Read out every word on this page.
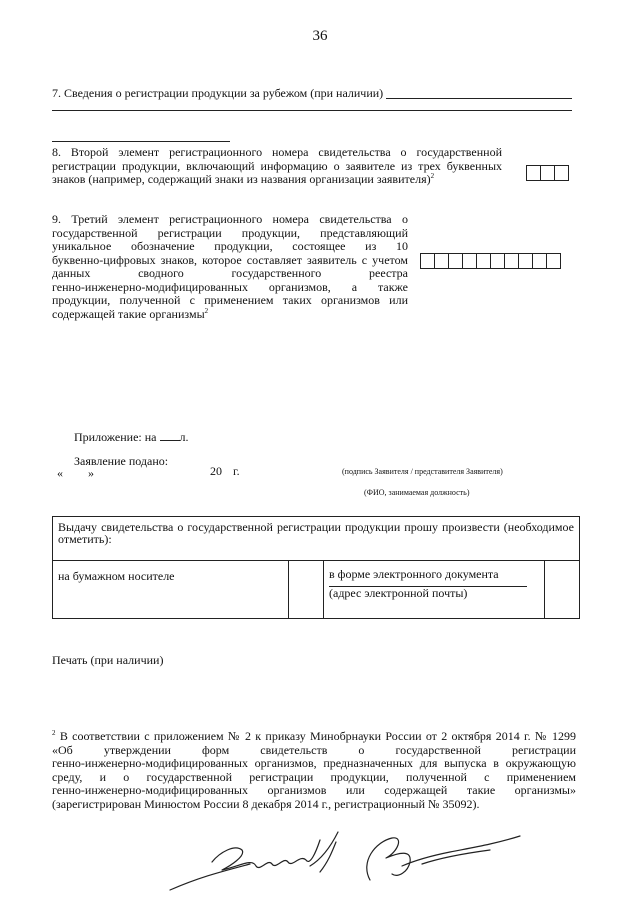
36
7. Сведения о регистрации продукции за рубежом (при наличии)
8. Второй элемент регистрационного номера свидетельства о государственной
регистрации продукции, включающий информацию о заявителе из трех буквенных
знаков (например, содержащий знаки из названия организации заявителя)$^2$
9. Третий элемент регистрационного номера свидетельства о
государственной регистрации продукции, представляющий
уникальное обозначение продукции, состоящее из 10
буквенно-цифровых знаков, которое составляет заявитель с учетом
данных сводного государственного реестра
генно-инженерно-модифицированных организмов, а также
продукции, полученной с применением таких организмов или
содержащей такие организмы$^2$
Приложение: на л.
Заявление подано:
« »	20 г.	(подпись Заявителя / представителя Заявителя)
(ФИО, занимаемая должность)
Выдачу свидетельства о государственной регистрации продукции прошу произвести (необходимое отметить):

на бумажном носителе		в форме электронного документа
(адрес электронной почты)

Печать (при наличии)
$^2$ В соответствии с приложением № 2 к приказу Минобрнауки России от 2 октября 2014 г. № 1299
«Об утверждении форм свидетельств о государственной регистрации
генно-инженерно-модифицированных организмов, предназначенных для выпуска в окружающую
среду, и о государственной регистрации продукции, полученной с применением
генно-инженерно-модифицированных организмов или содержащей такие организмы»
(зарегистрирован Минюстом России 8 декабря 2014 г., регистрационный № 35092).
